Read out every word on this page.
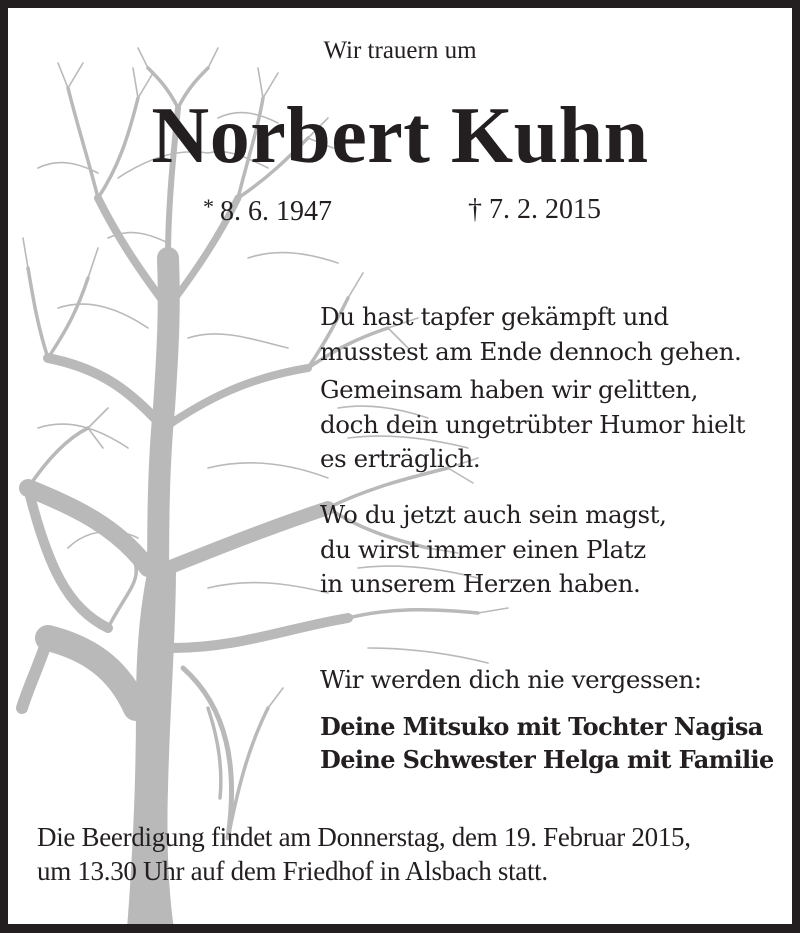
Wir trauern um
Norbert Kuhn
* 8. 6. 1947	† 7. 2. 2015
Du hast tapfer gekämpft und
musstest am Ende dennoch gehen.
Gemeinsam haben wir gelitten,
doch dein ungetrübter Humor hielt
es erträglich.
Wo du jetzt auch sein magst,
du wirst immer einen Platz
in unserem Herzen haben.
Wir werden dich nie vergessen:
Deine Mitsuko mit Tochter Nagisa
Deine Schwester Helga mit Familie
Die Beerdigung findet am Donnerstag, dem 19. Februar 2015,
um 13.30 Uhr auf dem Friedhof in Alsbach statt.
